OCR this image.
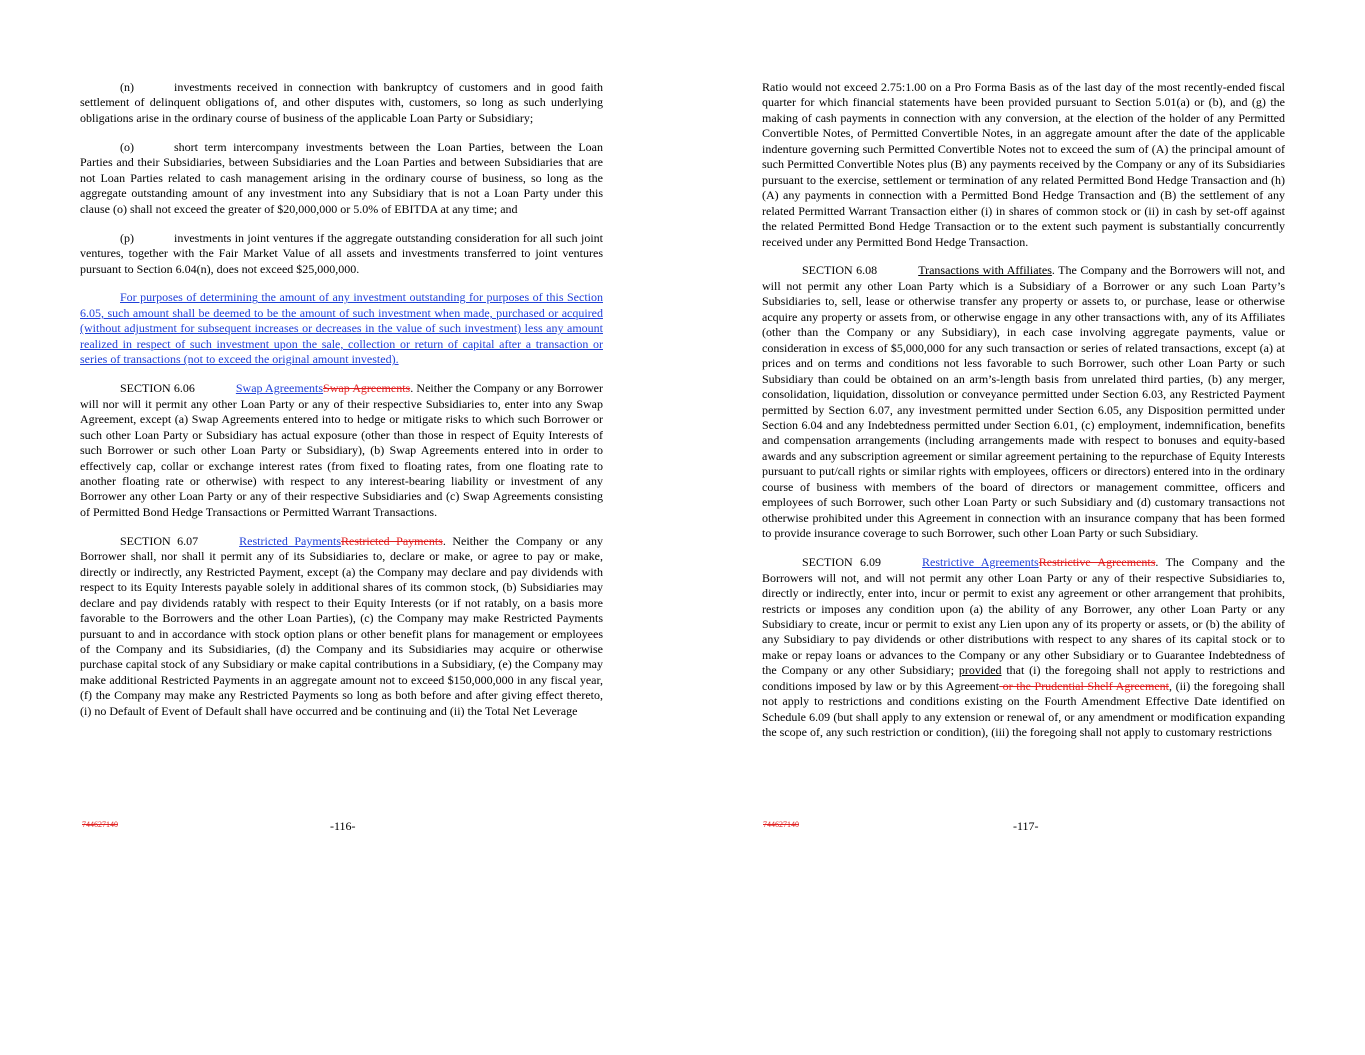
(n)	investments received in connection with bankruptcy of customers and in good faith settlement of delinquent obligations of, and other disputes with, customers, so long as such underlying obligations arise in the ordinary course of business of the applicable Loan Party or Subsidiary;

(o)	short term intercompany investments between the Loan Parties, between the Loan Parties and their Subsidiaries, between Subsidiaries and the Loan Parties and between Subsidiaries that are not Loan Parties related to cash management arising in the ordinary course of business, so long as the aggregate outstanding amount of any investment into any Subsidiary that is not a Loan Party under this clause (o) shall not exceed the greater of $20,000,000 or 5.0% of EBITDA at any time; and

(p)	investments in joint ventures if the aggregate outstanding consideration for all such joint ventures, together with the Fair Market Value of all assets and investments transferred to joint ventures pursuant to Section 6.04(n), does not exceed $25,000,000.

For purposes of determining the amount of any investment outstanding for purposes of this Section 6.05, such amount shall be deemed to be the amount of such investment when made, purchased or acquired (without adjustment for subsequent increases or decreases in the value of such investment) less any amount realized in respect of such investment upon the sale, collection or return of capital after a transaction or series of transactions (not to exceed the original amount invested).

SECTION 6.06	Swap AgreementsSwap Agreements. Neither the Company or any Borrower will nor will it permit any other Loan Party or any of their respective Subsidiaries to, enter into any Swap Agreement, except (a) Swap Agreements entered into to hedge or mitigate risks to which such Borrower or such other Loan Party or Subsidiary has actual exposure (other than those in respect of Equity Interests of such Borrower or such other Loan Party or Subsidiary), (b) Swap Agreements entered into in order to effectively cap, collar or exchange interest rates (from fixed to floating rates, from one floating rate to another floating rate or otherwise) with respect to any interest-bearing liability or investment of any Borrower any other Loan Party or any of their respective Subsidiaries and (c) Swap Agreements consisting of Permitted Bond Hedge Transactions or Permitted Warrant Transactions.

SECTION 6.07	Restricted PaymentsRestricted Payments. Neither the Company or any Borrower shall, nor shall it permit any of its Subsidiaries to, declare or make, or agree to pay or make, directly or indirectly, any Restricted Payment, except (a) the Company may declare and pay dividends with respect to its Equity Interests payable solely in additional shares of its common stock, (b) Subsidiaries may declare and pay dividends ratably with respect to their Equity Interests (or if not ratably, on a basis more favorable to the Borrowers and the other Loan Parties), (c) the Company may make Restricted Payments pursuant to and in accordance with stock option plans or other benefit plans for management or employees of the Company and its Subsidiaries, (d) the Company and its Subsidiaries may acquire or otherwise purchase capital stock of any Subsidiary or make capital contributions in a Subsidiary, (e) the Company may make additional Restricted Payments in an aggregate amount not to exceed $150,000,000 in any fiscal year, (f) the Company may make any Restricted Payments so long as both before and after giving effect thereto, (i) no Default of Event of Default shall have occurred and be continuing and (ii) the Total Net Leverage

744627140	-116-

Ratio would not exceed 2.75:1.00 on a Pro Forma Basis as of the last day of the most recently-ended fiscal quarter for which financial statements have been provided pursuant to Section 5.01(a) or (b), and (g) the making of cash payments in connection with any conversion, at the election of the holder of any Permitted Convertible Notes, of Permitted Convertible Notes, in an aggregate amount after the date of the applicable indenture governing such Permitted Convertible Notes not to exceed the sum of (A) the principal amount of such Permitted Convertible Notes plus (B) any payments received by the Company or any of its Subsidiaries pursuant to the exercise, settlement or termination of any related Permitted Bond Hedge Transaction and (h) (A) any payments in connection with a Permitted Bond Hedge Transaction and (B) the settlement of any related Permitted Warrant Transaction either (i) in shares of common stock or (ii) in cash by set-off against the related Permitted Bond Hedge Transaction or to the extent such payment is substantially concurrently received under any Permitted Bond Hedge Transaction.

SECTION 6.08	Transactions with Affiliates. The Company and the Borrowers will not, and will not permit any other Loan Party which is a Subsidiary of a Borrower or any such Loan Party’s Subsidiaries to, sell, lease or otherwise transfer any property or assets to, or purchase, lease or otherwise acquire any property or assets from, or otherwise engage in any other transactions with, any of its Affiliates (other than the Company or any Subsidiary), in each case involving aggregate payments, value or consideration in excess of $5,000,000 for any such transaction or series of related transactions, except (a) at prices and on terms and conditions not less favorable to such Borrower, such other Loan Party or such Subsidiary than could be obtained on an arm’s-length basis from unrelated third parties, (b) any merger, consolidation, liquidation, dissolution or conveyance permitted under Section 6.03, any Restricted Payment permitted by Section 6.07, any investment permitted under Section 6.05, any Disposition permitted under Section 6.04 and any Indebtedness permitted under Section 6.01, (c) employment, indemnification, benefits and compensation arrangements (including arrangements made with respect to bonuses and equity-based awards and any subscription agreement or similar agreement pertaining to the repurchase of Equity Interests pursuant to put/call rights or similar rights with employees, officers or directors) entered into in the ordinary course of business with members of the board of directors or management committee, officers and employees of such Borrower, such other Loan Party or such Subsidiary and (d) customary transactions not otherwise prohibited under this Agreement in connection with an insurance company that has been formed to provide insurance coverage to such Borrower, such other Loan Party or such Subsidiary.

SECTION 6.09	Restrictive AgreementsRestrictive Agreements. The Company and the Borrowers will not, and will not permit any other Loan Party or any of their respective Subsidiaries to, directly or indirectly, enter into, incur or permit to exist any agreement or other arrangement that prohibits, restricts or imposes any condition upon (a) the ability of any Borrower, any other Loan Party or any Subsidiary to create, incur or permit to exist any Lien upon any of its property or assets, or (b) the ability of any Subsidiary to pay dividends or other distributions with respect to any shares of its capital stock or to make or repay loans or advances to the Company or any other Subsidiary or to Guarantee Indebtedness of the Company or any other Subsidiary; provided that (i) the foregoing shall not apply to restrictions and conditions imposed by law or by this Agreement or the Prudential Shelf Agreement, (ii) the foregoing shall not apply to restrictions and conditions existing on the Fourth Amendment Effective Date identified on Schedule 6.09 (but shall apply to any extension or renewal of, or any amendment or modification expanding the scope of, any such restriction or condition), (iii) the foregoing shall not apply to customary restrictions

744627140	-117-
